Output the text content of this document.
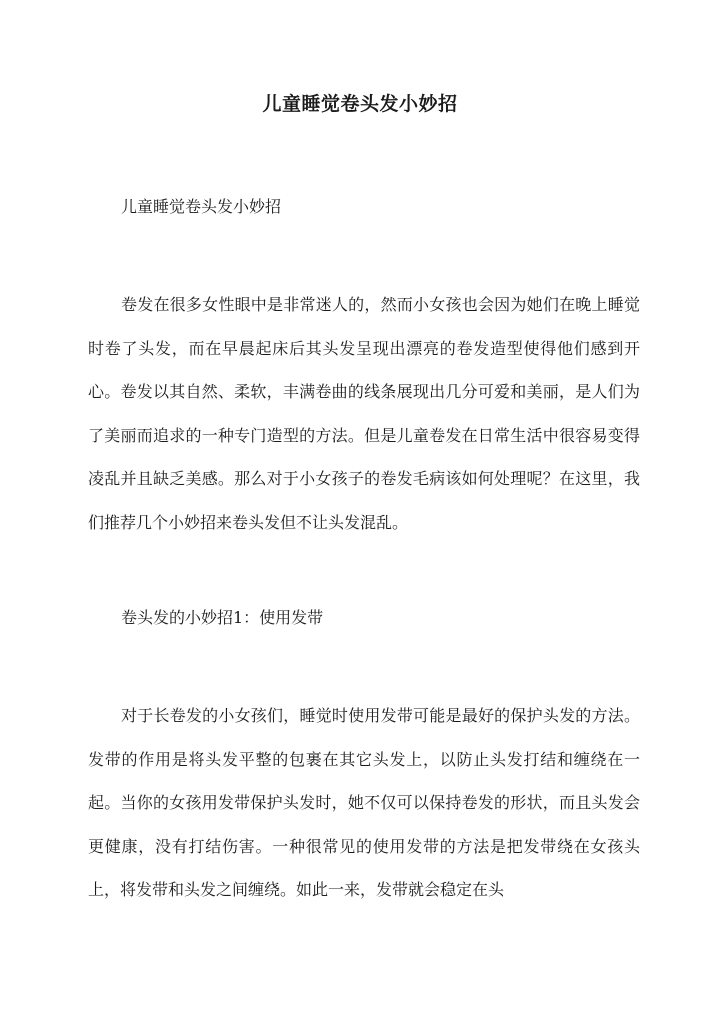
儿童睡觉卷头发小妙招
儿童睡觉卷头发小妙招

卷发在很多女性眼中是非常迷人的，然而小女孩也会因为她们在晚上睡觉时卷了头发，而在早晨起床后其头发呈现出漂亮的卷发造型使得他们感到开心。卷发以其自然、柔软，丰满卷曲的线条展现出几分可爱和美丽，是人们为了美丽而追求的一种专门造型的方法。但是儿童卷发在日常生活中很容易变得凌乱并且缺乏美感。那么对于小女孩子的卷发毛病该如何处理呢？在这里，我们推荐几个小妙招来卷头发但不让头发混乱。

卷头发的小妙招1：使用发带

对于长卷发的小女孩们，睡觉时使用发带可能是最好的保护头发的方法。发带的作用是将头发平整的包裹在其它头发上，以防止头发打结和缠绕在一起。当你的女孩用发带保护头发时，她不仅可以保持卷发的形状，而且头发会更健康，没有打结伤害。一种很常见的使用发带的方法是把发带绕在女孩头上，将发带和头发之间缠绕。如此一来，发带就会稳定在头
